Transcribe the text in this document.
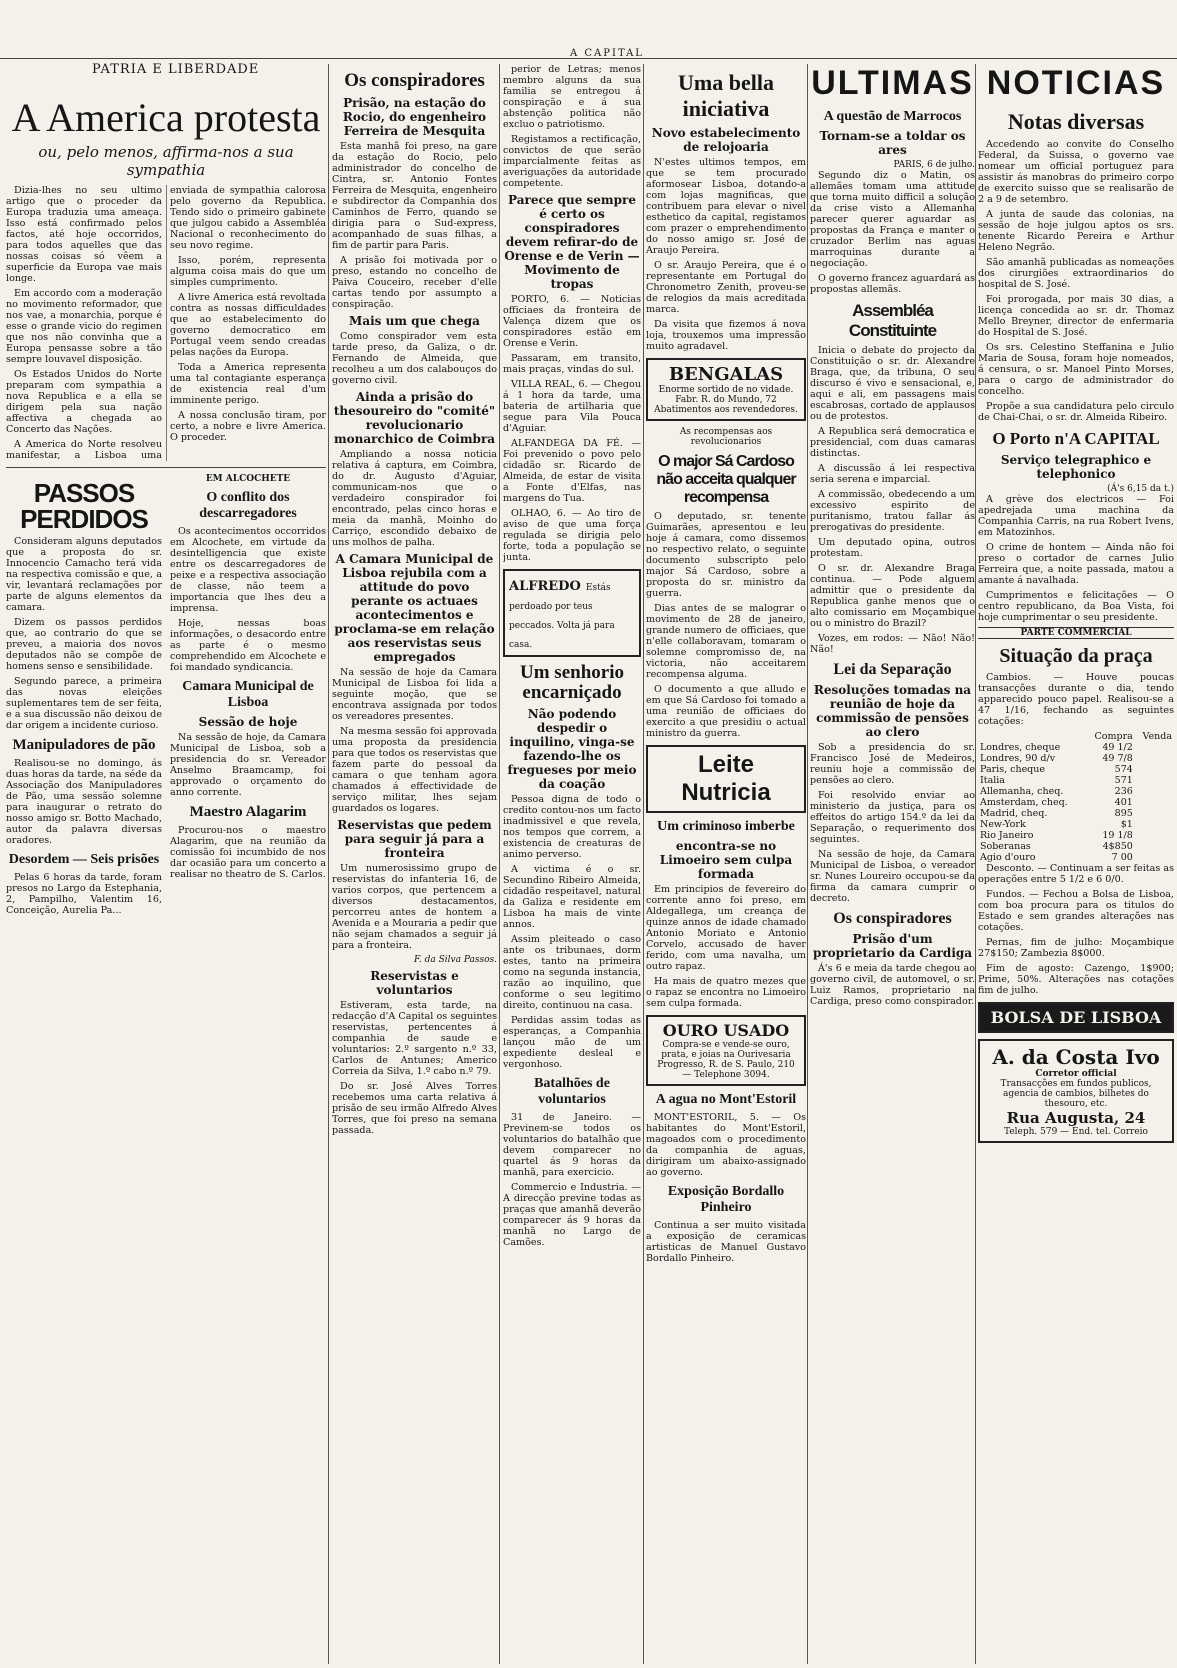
PATRIA E LIBERDADE
A CAPITAL
A America protesta
ou, pelo menos, affirma-nos a sua sympathia

Dizia-lhes no seu ultimo artigo que o proceder da Europa traduzia uma ameaça. Isso está confirmado pelos factos, até hoje occorridos, para todos aquelles que das nossas coisas só vêem a superficie da Europa vae mais longe.

Em accordo com a moderação no movimento reformador, que nos vae, a monarchia, porque é esse o grande vicio do regimen que nos não convinha que a Europa pensasse sobre a tão sempre louvavel disposição.

Os Estados Unidos do Norte preparam com sympathia a nova Republica e a ella se dirigem pela sua nação affectiva a chegada ao Concerto das Nações.

A America do Norte resolveu manifestar, a Lisboa uma enviada de sympathia calorosa pelo governo da Republica. Tendo sido o primeiro gabinete que julgou cabido a Assembléa Nacional o reconhecimento do seu novo regime.

Isso, porém, representa alguma coisa mais do que um simples cumprimento.

A livre America está revoltada contra as nossas difficuldades que ao estabelecimento do governo democratico em Portugal veem sendo creadas pelas nações da Europa.

Toda a America representa uma tal contagiante esperança de existencia real d'um imminente perigo.

A nossa conclusão tiram, por certo, a nobre e livre America. O proceder.

PASSOS PERDIDOS

Consideram alguns deputados que a proposta do sr. Innocencio Camacho terá vida na respectiva comissão e que, a vir, levantará reclamações por parte de alguns elementos da camara.

Dizem os passos perdidos que, ao contrario do que se preveu, a maioria dos novos deputados não se compõe de homens senso e sensibilidade.

Segundo parece, a primeira das novas eleições suplementares tem de ser feita, e a sua discussão não deixou de dar origem a incidente curioso.

Manipuladores de pão

Realisou-se no domingo, ás duas horas da tarde, na séde da Associação dos Manipuladores de Pão, uma sessão solemne para inaugurar o retrato do nosso amigo sr. Botto Machado, autor da palavra diversas oradores.

Desordem — Seis prisões

Pelas 6 horas da tarde, foram presos no Largo da Estephania, 2, Pampilho, Valentim 16, Conceição, Aurelia Pa...

EM ALCOCHETE
O conflito dos descarregadores

Os acontecimentos occorridos em Alcochete, em virtude da desintelligencia que existe entre os descarregadores de peixe e a respectiva associação de classe, não teem a importancia que lhes deu a imprensa.

Hoje, nessas boas informações, o desacordo entre as parte é o mesmo comprehendido em Alcochete e foi mandado syndicancia.

Camara Municipal de Lisboa
Sessão de hoje

Na sessão de hoje, da Camara Municipal de Lisboa, sob a presidencia do sr. Vereador Anselmo Braamcamp, foi approvado o orçamento do anno corrente.

Maestro Alagarim

Procurou-nos o maestro Alagarim, que na reunião da comissão foi incumbido de nos dar ocasião para um concerto a realisar no theatro de S. Carlos.

Os conspiradores
Prisão, na estação do Rocio, do engenheiro Ferreira de Mesquita

Esta manhã foi preso, na gare da estação do Rocio, pelo administrador do concelho de Cintra, sr. Antonio Fontes Ferreira de Mesquita, engenheiro e subdirector da Companhia dos Caminhos de Ferro, quando se dirigia para o Sud-express, acompanhado de suas filhas, a fim de partir para Paris.

A prisão foi motivada por o preso, estando no concelho de Paiva Couceiro, receber d'elle cartas tendo por assumpto a conspiração.

Mais um que chega

Como conspirador vem esta tarde preso, da Galiza, o dr. Fernando de Almeida, que recolheu a um dos calabouços do governo civil.

Ainda a prisão do thesoureiro do "comité" revolucionario monarchico de Coimbra

Ampliando a nossa noticia relativa á captura, em Coimbra, do dr. Augusto d'Aguiar, communicam-nos que o verdadeiro conspirador foi encontrado, pelas cinco horas e meia da manhã, Moinho do Carriço, escondido debaixo de uns molhos de palha.

A Camara Municipal de Lisboa rejubila com a attitude do povo perante os actuaes acontecimentos e proclama-se em relação aos reservistas seus empregados

Na sessão de hoje da Camara Municipal de Lisboa foi lida a seguinte moção, que se encontrava assignada por todos os vereadores presentes.

Na mesma sessão foi approvada uma proposta da presidencia para que todos os reservistas que fazem parte do pessoal da camara o que tenham agora chamados á effectividade de serviço militar, lhes sejam guardados os logares.

Reservistas que pedem para seguir já para a fronteira

Um numerosissimo grupo de reservistas do infanteria 16, de varios corpos, que pertencem a diversos destacamentos, percorreu antes de hontem a Avenida e a Mouraria a pedir que não sejam chamados a seguir já para a fronteira.

F. da Silva Passos.
Reservistas e voluntarios

Estiveram, esta tarde, na redacção d'A Capital os seguintes reservistas, pertencentes á companhia de saude e voluntarios: 2.º sargento n.º 33, Carlos de Antunes; Americo Correia da Silva, 1.º cabo n.º 79.

Do sr. José Alves Torres recebemos uma carta relativa á prisão de seu irmão Alfredo Alves Torres, que foi preso na semana passada.

perior de Letras; menos membro alguns da sua familia se entregou á conspiração e á sua abstenção politica não excluo o patriotismo.

Registamos a rectificação, convictos de que serão imparcialmente feitas as averiguações da autoridade competente.

Parece que sempre é certo os conspiradores devem refirar-do de Orense e de Verin — Movimento de tropas

PORTO, 6. — Noticias officiaes da fronteira de Valença dizem que os conspiradores estão em Orense e Verin.

Passaram, em transito, mais praças, vindas do sul.

VILLA REAL, 6. — Chegou á 1 hora da tarde, uma bateria de artilharia que segue para Vila Pouca d'Aguiar.

ALFANDEGA DA FÉ. — Foi prevenido o povo pelo cidadão sr. Ricardo de Almeida, de estar de visita a Fonte d'Elfas, nas margens do Tua.

OLHAO, 6. — Ao tiro de aviso de que uma força regulada se dirigia pelo forte, toda a população se junta.

ALFREDO Estás perdoado por teus peccados. Volta já para casa.
Um senhorio encarniçado
Não podendo despedir o inquilino, vinga-se fazendo-lhe os fregueses por meio da coação

Pessoa digna de todo o credito contou-nos um facto inadmissivel e que revela, nos tempos que correm, a existencia de creaturas de animo perverso.

A victima é o sr. Secundino Ribeiro Almeida, cidadão respeitavel, natural da Galiza e residente em Lisboa ha mais de vinte annos.

Assim pleiteado o caso ante os tribunaes, dorm estes, tanto na primeira como na segunda instancia, razão ao inquilino, que conforme o seu legitimo direito, continuou na casa.

Perdidas assim todas as esperanças, a Companhia lançou mão de um expediente desleal e vergonhoso.

Batalhões de voluntarios

31 de Janeiro. — Previnem-se todos os voluntarios do batalhão que devem comparecer no quartel ás 9 horas da manhã, para exercicio.

Commercio e Industria. — A direcção previne todas as praças que amanhã deverão comparecer ás 9 horas da manhã no Largo de Camões.

Uma bella iniciativa
Novo estabelecimento de relojoaria

N'estes ultimos tempos, em que se tem procurado aformosear Lisboa, dotando-a com lojas magnificas, que contribuem para elevar o nivel esthetico da capital, registamos com prazer o emprehendimento do nosso amigo sr. José de Araujo Pereira.

O sr. Araujo Pereira, que é o representante em Portugal do Chronometro Zenith, proveu-se de relogios da mais acreditada marca.

Da visita que fizemos á nova loja, trouxemos uma impressão muito agradavel.

BENGALAS
Enorme sortido de no vidade. Fabr. R. do Mundo, 72
Abatimentos aos revendedores.
As recompensas aos revolucionarios
O major Sá Cardoso não acceita qualquer recompensa

O deputado, sr. tenente Guimarães, apresentou e leu hoje á camara, como dissemos no respectivo relato, o seguinte documento subscripto pelo major Sá Cardoso, sobre a proposta do sr. ministro da guerra.

Dias antes de se malograr o movimento de 28 de janeiro, grande numero de officiaes, que n'elle collaboravam, tomaram o solemne compromisso de, na victoria, não acceitarem recompensa alguma.

O documento a que alludo e em que Sá Cardoso foi tomado a uma reunião de officiaes do exercito a que presidiu o actual ministro da guerra.

Leite Nutricia
Um criminoso imberbe
encontra-se no Limoeiro sem culpa formada

Em principios de fevereiro do corrente anno foi preso, em Aldegallega, um creança de quinze annos de idade chamado Antonio Moriato e Antonio Corvelo, accusado de haver ferido, com uma navalha, um outro rapaz.

Ha mais de quatro mezes que o rapaz se encontra no Limoeiro sem culpa formada.

OURO USADO
Compra-se e vende-se ouro, prata, e joias na Ourivesaria Progresso, R. de S. Paulo, 210 — Telephone 3094.
A agua no Mont'Estoril

MONT'ESTORIL, 5. — Os habitantes do Mont'Estoril, magoados com o procedimento da companhia de aguas, dirigiram um abaixo-assignado ao governo.

Exposição Bordallo Pinheiro

Continua a ser muito visitada a exposição de ceramicas artisticas de Manuel Gustavo Bordallo Pinheiro.

ULTIMAS
A questão de Marrocos
Tornam-se a toldar os ares
PARIS, 6 de julho.

Segundo diz o Matin, os allemães tomam uma attitude que torna muito difficil a solução da crise visto a Allemanha parecer querer aguardar as propostas da França e manter o cruzador Berlim nas aguas marroquinas durante a negociação.

O governo francez aguardará as propostas allemãs.

Assembléa Constituinte

Inicia o debate do projecto da Constituição o sr. dr. Alexandre Braga, que, da tribuna, O seu discurso é vivo e sensacional, e, aqui e ali, em passagens mais escabrosas, cortado de applausos ou de protestos.

A Republica será democratica e presidencial, com duas camaras distinctas.

A discussão á lei respectiva seria serena e imparcial.

A commissão, obedecendo a um excessivo espirito de puritanismo, tratou fallar ás prerogativas do presidente.

Um deputado opina, outros protestam.

O sr. dr. Alexandre Braga continua. — Pode alguem admittir que o presidente da Republica ganhe menos que o alto comissario em Moçambique ou o ministro do Brazil?

Vozes, em rodos: — Não! Não! Não!

Lei da Separação
Resoluções tomadas na reunião de hoje da commissão de pensões ao clero

Sob a presidencia do sr. Francisco José de Medeiros, reuniu hoje a commissão de pensões ao clero.

Foi resolvido enviar ao ministerio da justiça, para os effeitos do artigo 154.º da lei da Separação, o requerimento dos seguintes.

Na sessão de hoje, da Camara Municipal de Lisboa, o vereador sr. Nunes Loureiro occupou-se da firma da camara cumprir o decreto.

Os conspiradores
Prisão d'um proprietario da Cardiga

Á's 6 e meia da tarde chegou ao governo civil, de automovel, o sr. Luiz Ramos, proprietario na Cardiga, preso como conspirador.

NOTICIAS
Notas diversas

Accedendo ao convite do Conselho Federal, da Suissa, o governo vae nomear um official portuguez para assistir ás manobras do primeiro corpo de exercito suisso que se realisarão de 2 a 9 de setembro.

A junta de saude das colonias, na sessão de hoje julgou aptos os srs. tenente Ricardo Pereira e Arthur Heleno Negrão.

São amanhã publicadas as nomeações dos cirurgiões extraordinarios do hospital de S. José.

Foi prorogada, por mais 30 dias, a licença concedida ao sr. dr. Thomaz Mello Breyner, director de enfermaria do Hospital de S. José.

Os srs. Celestino Steffanina e Julio Maria de Sousa, foram hoje nomeados, á censura, o sr. Manoel Pinto Morses, para o cargo de administrador do concelho.

Propõe a sua candidatura pelo circulo de Chai-Chai, o sr. dr. Almeida Ribeiro.

O Porto n'A CAPITAL
Serviço telegraphico e telephonico
(Á's 6,15 da t.)

A grève dos electricos — Foi apedrejada uma machina da Companhia Carris, na rua Robert Ivens, em Matozinhos.

O crime de hontem — Ainda não foi preso o cortador de carnes Julio Ferreira que, a noite passada, matou a amante á navalhada.

Cumprimentos e felicitações — O centro republicano, da Boa Vista, foi hoje cumprimentar o seu presidente.

PARTE COMMERCIAL
Situação da praça

Cambios. — Houve poucas transacções durante o dia, tendo apparecido pouco papel. Realisou-se a 47 1/16, fechando as seguintes cotações:

	Compra	Venda
Londres, cheque	49 1/2	
Londres, 90 d/v	49 7/8	
Paris, cheque	574	
Italia	571	
Allemanha, cheq.	236	
Amsterdam, cheq.	401	
Madrid, cheq.	895	
New-York	$1	
Rio Janeiro	19 1/8	
Soberanas	4$850	
Agio d'ouro	7 00	

Desconto. — Continuam a ser feitas as operações entre 5 1/2 e 6 0/0.

Fundos. — Fechou a Bolsa de Lisboa, com boa procura para os titulos do Estado e sem grandes alterações nas cotações.

Pernas, fim de julho: Moçambique 27$150; Zambezia 8$000.

Fim de agosto: Cazengo, 1$900; Prime, 50%. Alterações nas cotações fim de julho.

BOLSA DE LISBOA
A. da Costa Ivo
Corretor official
Transacções em fundos publicos, agencia de cambios, bilhetes do thesouro, etc.
Rua Augusta, 24
Teleph. 579 — End. tel. Correio
